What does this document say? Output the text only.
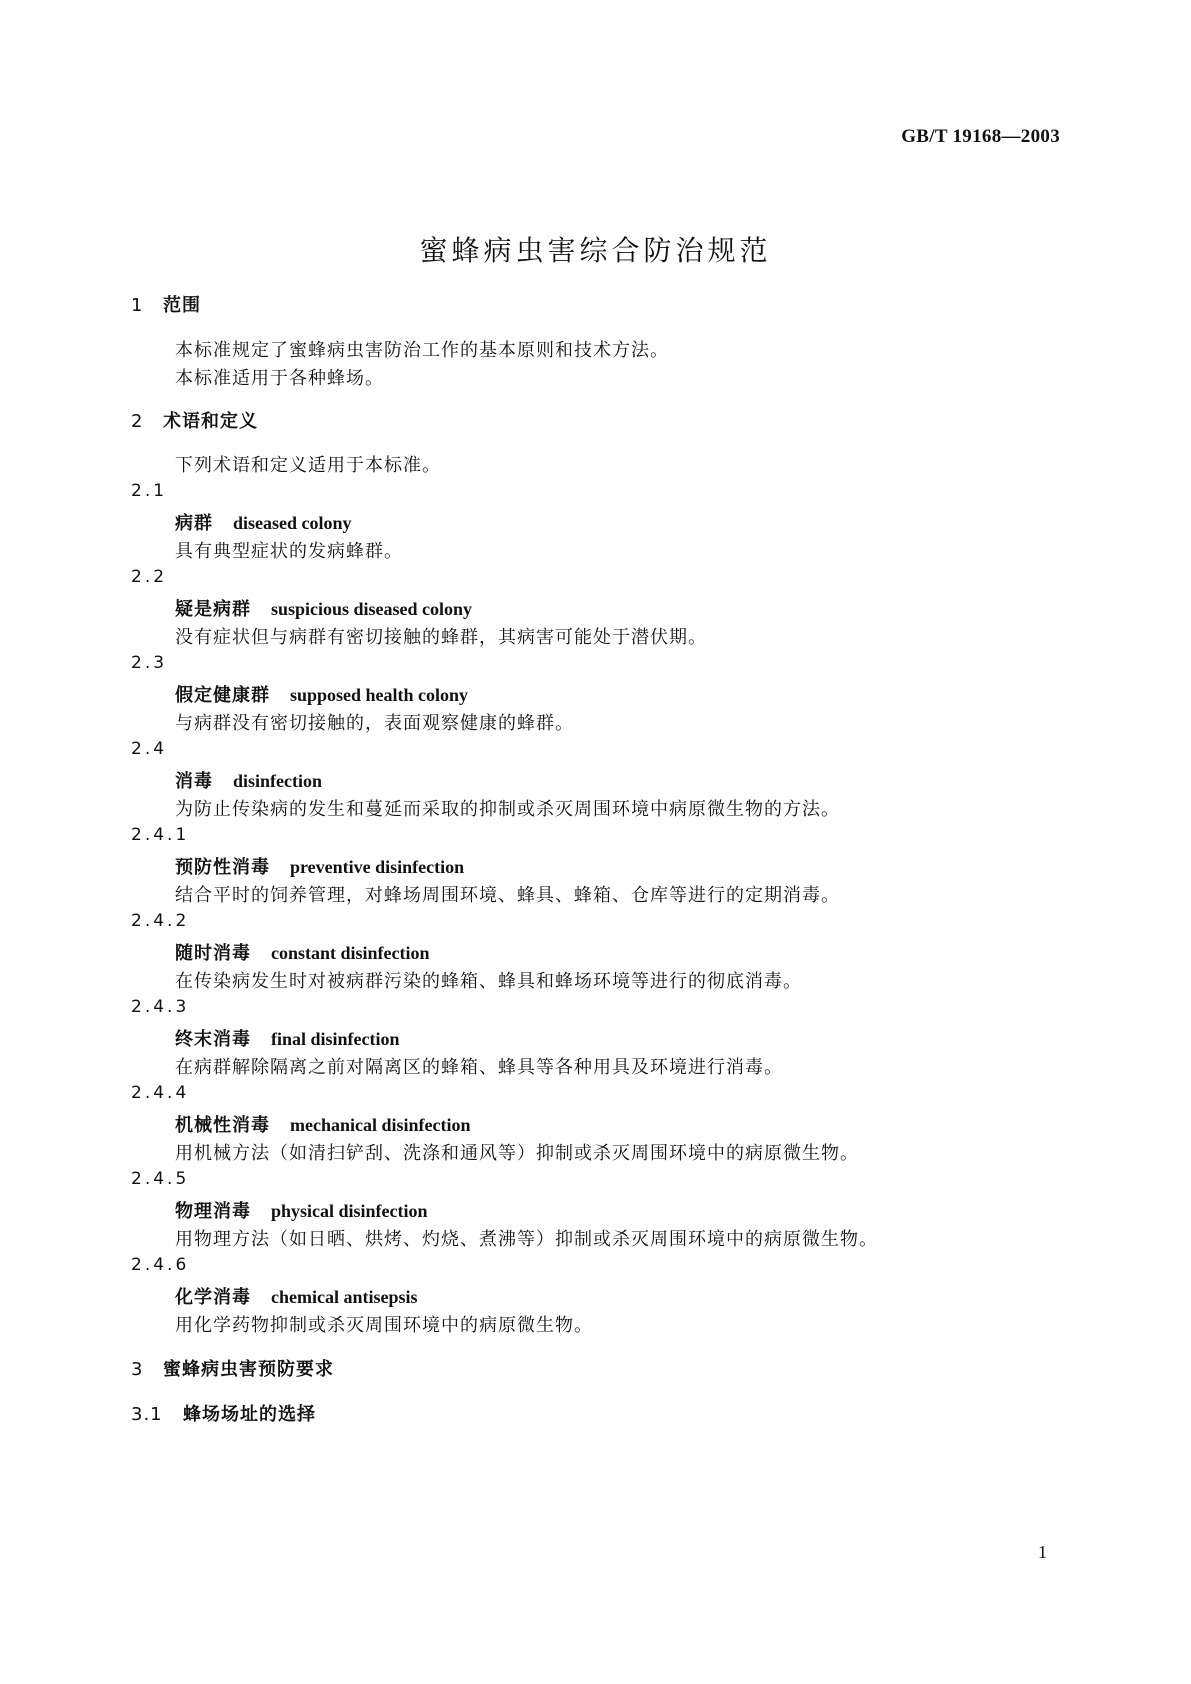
GB/T 19168—2003
蜜蜂病虫害综合防治规范
1 范围
本标准规定了蜜蜂病虫害防治工作的基本原则和技术方法。
本标准适用于各种蜂场。
2 术语和定义
下列术语和定义适用于本标准。
2.1
病群 diseased colony
具有典型症状的发病蜂群。
2.2
疑是病群 suspicious diseased colony
没有症状但与病群有密切接触的蜂群，其病害可能处于潜伏期。
2.3
假定健康群 supposed health colony
与病群没有密切接触的，表面观察健康的蜂群。
2.4
消毒 disinfection
为防止传染病的发生和蔓延而采取的抑制或杀灭周围环境中病原微生物的方法。
2.4.1
预防性消毒 preventive disinfection
结合平时的饲养管理，对蜂场周围环境、蜂具、蜂箱、仓库等进行的定期消毒。
2.4.2
随时消毒 constant disinfection
在传染病发生时对被病群污染的蜂箱、蜂具和蜂场环境等进行的彻底消毒。
2.4.3
终末消毒 final disinfection
在病群解除隔离之前对隔离区的蜂箱、蜂具等各种用具及环境进行消毒。
2.4.4
机械性消毒 mechanical disinfection
用机械方法（如清扫铲刮、洗涤和通风等）抑制或杀灭周围环境中的病原微生物。
2.4.5
物理消毒 physical disinfection
用物理方法（如日晒、烘烤、灼烧、煮沸等）抑制或杀灭周围环境中的病原微生物。
2.4.6
化学消毒 chemical antisepsis
用化学药物抑制或杀灭周围环境中的病原微生物。
3 蜜蜂病虫害预防要求
3.1 蜂场场址的选择
1
